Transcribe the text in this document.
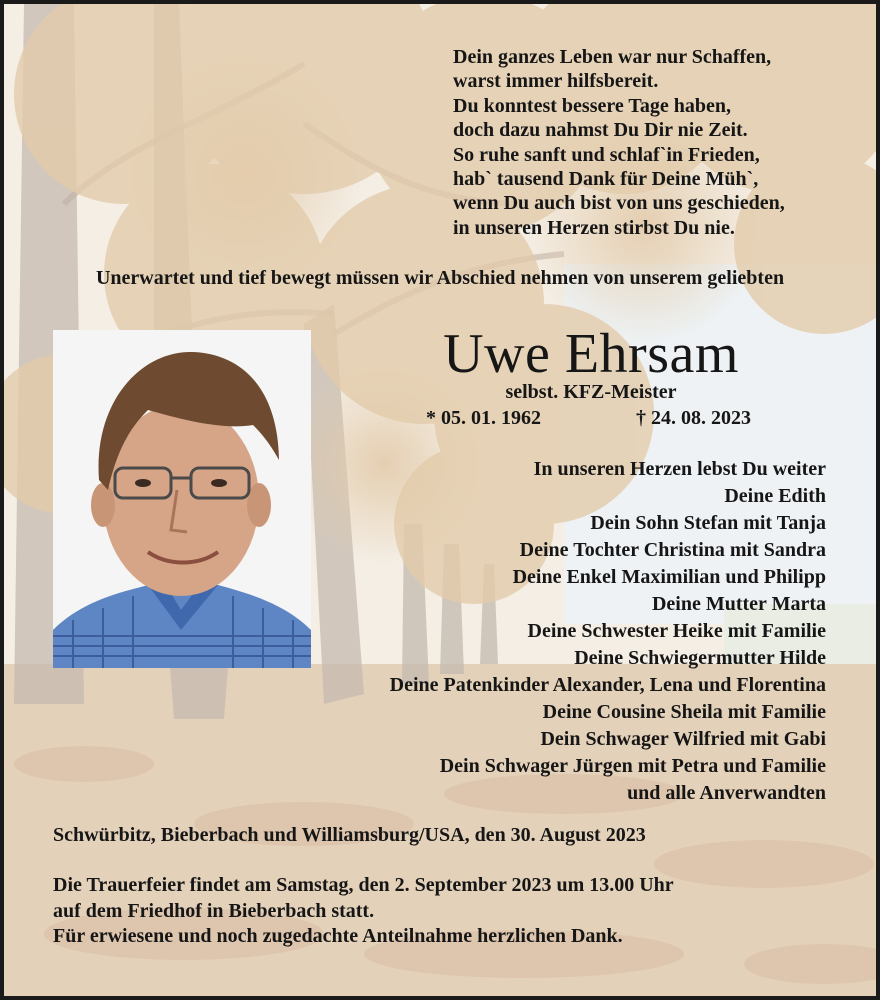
Dein ganzes Leben war nur Schaffen,
warst immer hilfsbereit.
Du konntest bessere Tage haben,
doch dazu nahmst Du Dir nie Zeit.
So ruhe sanft und schlaf`in Frieden,
hab` tausend Dank für Deine Müh`,
wenn Du auch bist von uns geschieden,
in unseren Herzen stirbst Du nie.
Unerwartet und tief bewegt müssen wir Abschied nehmen von unserem geliebten
Uwe Ehrsam
selbst. KFZ-Meister
* 05. 01. 1962	† 24. 08. 2023
In unseren Herzen lebst Du weiter
Deine Edith
Dein Sohn Stefan mit Tanja
Deine Tochter Christina mit Sandra
Deine Enkel Maximilian und Philipp
Deine Mutter Marta
Deine Schwester Heike mit Familie
Deine Schwiegermutter Hilde
Deine Patenkinder Alexander, Lena und Florentina
Deine Cousine Sheila mit Familie
Dein Schwager Wilfried mit Gabi
Dein Schwager Jürgen mit Petra und Familie
und alle Anverwandten
Schwürbitz, Bieberbach und Williamsburg/USA, den 30. August 2023
Die Trauerfeier findet am Samstag, den 2. September 2023 um 13.00 Uhr
auf dem Friedhof in Bieberbach statt.
Für erwiesene und noch zugedachte Anteilnahme herzlichen Dank.
